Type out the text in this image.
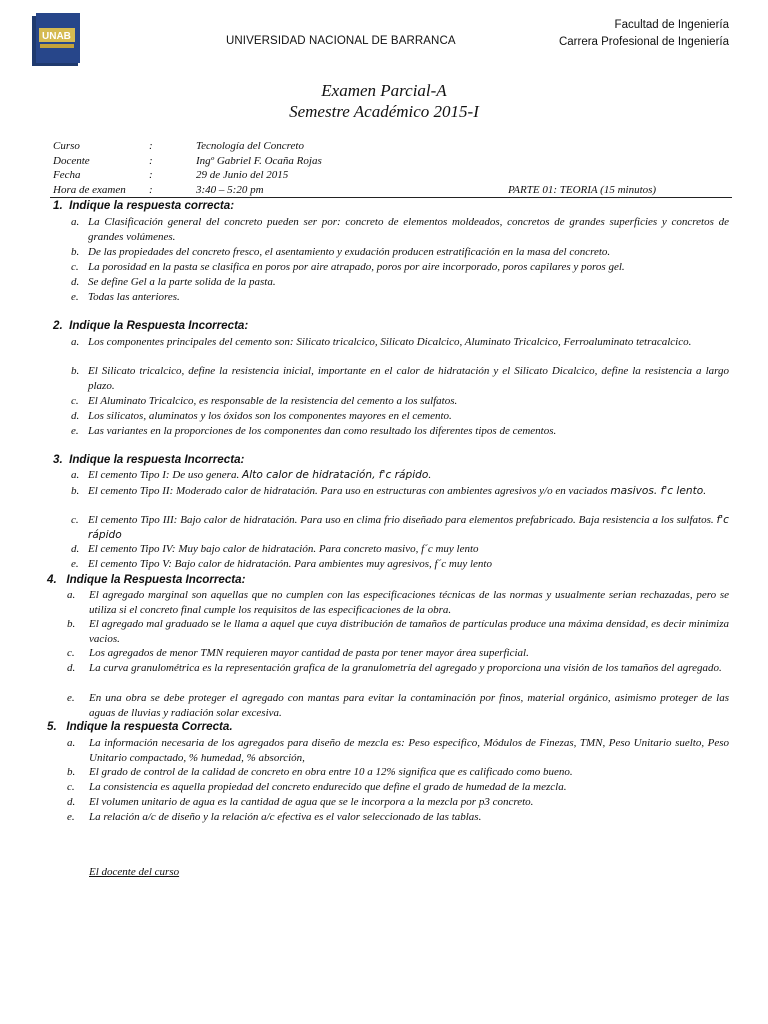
UNAB	UNIVERSIDAD NACIONAL DE BARRANCA
Facultad de Ingeniería
Carrera Profesional de Ingeniería
Examen Parcial-A
Semestre Académico 2015-I
Curso	:	Tecnología del Concreto
Docente	:	Ingº Gabriel F. Ocaña Rojas
Fecha	:	29 de Junio del 2015
Hora de examen :	3:40 – 5:20 pm	PARTE 01: TEORIA (15 minutos)
1. Indique la respuesta correcta:
a. La Clasificación general del concreto pueden ser por: concreto de elementos moldeados, concretos de grandes superficies y concretos de grandes volúmenes.
b. De las propiedades del concreto fresco, el asentamiento y exudación producen estratificación en la masa del concreto.
c. La porosidad en la pasta se clasifica en poros por aire atrapado, poros por aire incorporado, poros capilares y poros gel.
d. Se define Gel a la parte solida de la pasta.
e. Todas las anteriores.
2. Indique la Respuesta Incorrecta:
a. Los componentes principales del cemento son: Silicato tricalcico, Silicato Dicalcico, Aluminato Tricalcico, Ferroaluminato tetracalcico.
b. El Silicato tricalcico, define la resistencia inicial, importante en el calor de hidratación y el Silicato Dicalcico, define la resistencia a largo plazo.
c. El Aluminato Tricalcico, es responsable de la resistencia del cemento a los sulfatos.
d. Los silicatos, aluminatos y los óxidos son los componentes mayores en el cemento.
e. Las variantes en la proporciones de los componentes dan como resultado los diferentes tipos de cementos.
3. Indique la respuesta Incorrecta:
a. El cemento Tipo I: De uso genera. Alto calor de hidratación, f'c rápido.
b. El cemento Tipo II: Moderado calor de hidratación. Para uso en estructuras con ambientes agresivos y/o en vaciados masivos. f'c lento.
c. El cemento Tipo III: Bajo calor de hidratación. Para uso en clima frio diseñado para elementos prefabricado. Baja resistencia a los sulfatos. f'c rápido
d. El cemento Tipo IV: Muy bajo calor de hidratación. Para concreto masivo, f´c muy lento
e. El cemento Tipo V: Bajo calor de hidratación. Para ambientes muy agresivos, f´c muy lento
4. Indique la Respuesta Incorrecta:
a. El agregado marginal son aquellas que no cumplen con las especificaciones técnicas de las normas y usualmente serian rechazadas, pero se utiliza si el concreto final cumple los requisitos de las especificaciones de la obra.
b. El agregado mal graduado se le llama a aquel que cuya distribución de tamaños de partículas produce una máxima densidad, es decir minimiza vacios.
c. Los agregados de menor TMN requieren mayor cantidad de pasta por tener mayor área superficial.
d. La curva granulométrica es la representación grafica de la granulometría del agregado y proporciona una visión de los tamaños del agregado.
e. En una obra se debe proteger el agregado con mantas para evitar la contaminación por finos, material orgánico, asimismo proteger de las aguas de lluvias y radiación solar excesiva.
5. Indique la respuesta Correcta.
a. La información necesaria de los agregados para diseño de mezcla es: Peso especifico, Módulos de Finezas, TMN, Peso Unitario suelto, Peso Unitario compactado, % humedad, % absorción,
b. El grado de control de la calidad de concreto en obra entre 10 a 12% significa que es calificado como bueno.
c. La consistencia es aquella propiedad del concreto endurecido que define el grado de humedad de la mezcla.
d. El volumen unitario de agua es la cantidad de agua que se le incorpora a la mezcla por p3 concreto.
e. La relación a/c de diseño y la relación a/c efectiva es el valor seleccionado de las tablas.
El docente del curso
